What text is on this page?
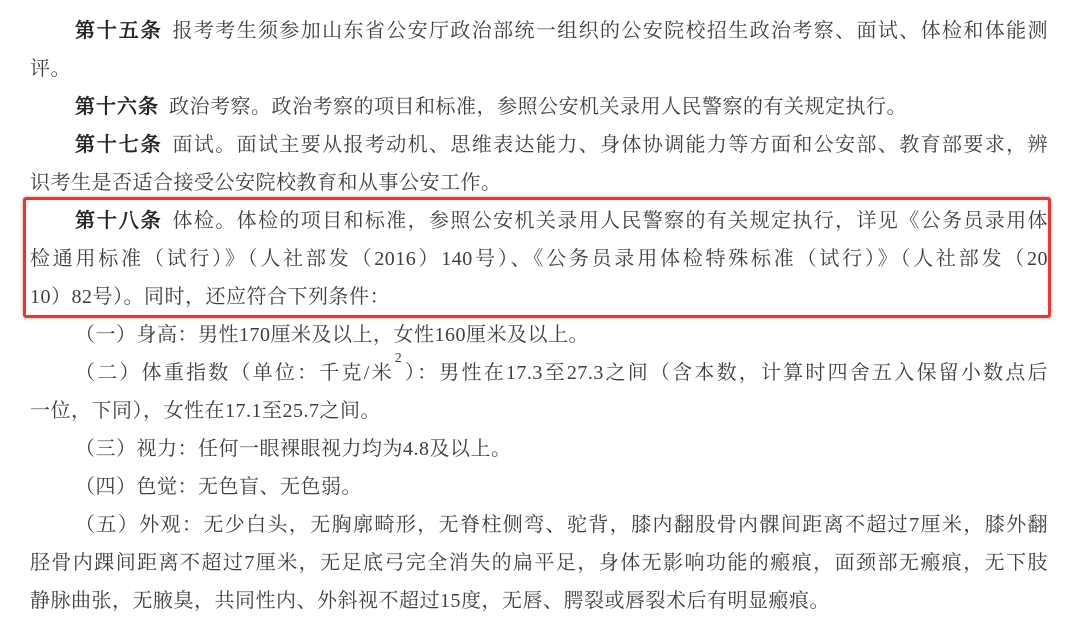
第十五条 报考考生须参加山东省公安厅政治部统一组织的公安院校招生政治考察、面试、体检和体能测
评。
第十六条 政治考察。政治考察的项目和标准，参照公安机关录用人民警察的有关规定执行。
第十七条 面试。面试主要从报考动机、思维表达能力、身体协调能力等方面和公安部、教育部要求，辨
识考生是否适合接受公安院校教育和从事公安工作。
第十八条 体检。体检的项目和标准，参照公安机关录用人民警察的有关规定执行，详见《公务员录用体
检通用标准（试行）》（人社部发（2016）140号）、《公务员录用体检特殊标准（试行）》（人社部发（20
10）82号）。同时，还应符合下列条件：
（一）身高：男性170厘米及以上，女性160厘米及以上。
（二）体重指数（单位：千克/米$^2$）：男性在17.3至27.3之间（含本数，计算时四舍五入保留小数点后
一位，下同），女性在17.1至25.7之间。
（三）视力：任何一眼裸眼视力均为4.8及以上。
（四）色觉：无色盲、无色弱。
（五）外观：无少白头，无胸廓畸形，无脊柱侧弯、驼背，膝内翻股骨内髁间距离不超过7厘米，膝外翻
胫骨内踝间距离不超过7厘米，无足底弓完全消失的扁平足，身体无影响功能的瘢痕，面颈部无瘢痕，无下肢
静脉曲张，无腋臭，共同性内、外斜视不超过15度，无唇、腭裂或唇裂术后有明显瘢痕。
